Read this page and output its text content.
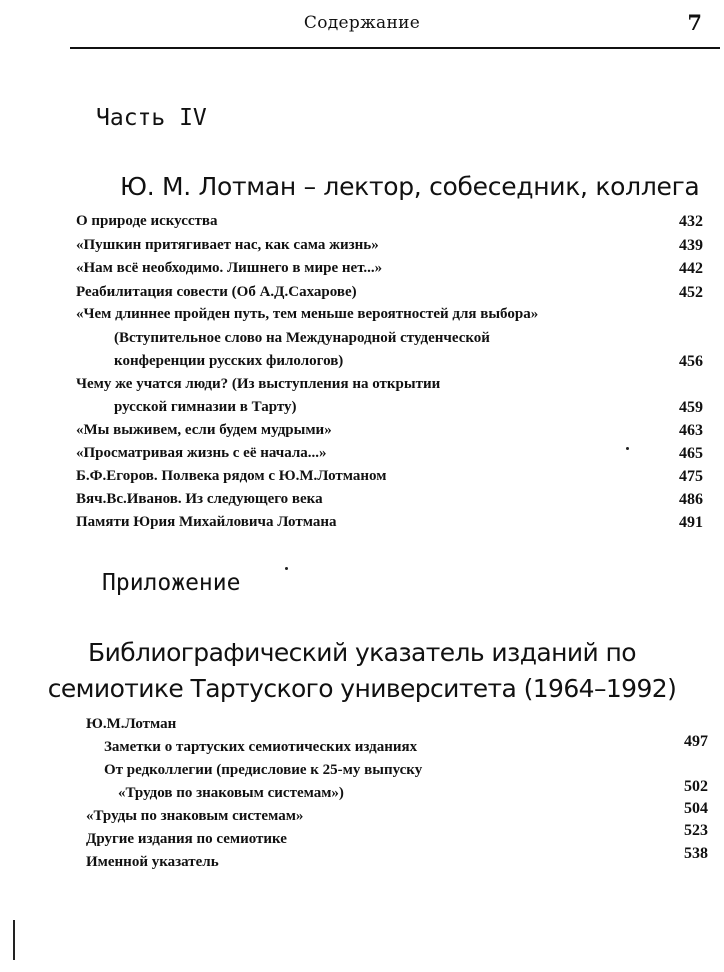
Содержание	7
Часть IV
Ю. М. Лотман – лектор, собеседник, коллега
О природе искусства	432
«Пушкин притягивает нас, как сама жизнь»	439
«Нам всё необходимо. Лишнего в мире нет...»	442
Реабилитация совести (Об А.Д.Сахарове)	452
«Чем длиннее пройден путь, тем меньше вероятностей для выбора»
(Вступительное слово на Международной студенческой
конференции русских филологов)	456
Чему же учатся люди? (Из выступления на открытии
русской гимназии в Тарту)	459
«Мы выживем, если будем мудрыми»	463
«Просматривая жизнь с её начала...»	465
Б.Ф.Егоров. Полвека рядом с Ю.М.Лотманом	475
Вяч.Вс.Иванов. Из следующего века	486
Памяти Юрия Михайловича Лотмана	491
Приложение
Библиографический указатель изданий по
семиотике Тартуского университета (1964–1992)
Ю.М.Лотман
Заметки о тартуских семиотических изданиях	497
От редколлегии (предисловие к 25-му выпуску
«Трудов по знаковым системам»)	502
«Труды по знаковым системам»	504
Другие издания по семиотике	523
Именной указатель	538
